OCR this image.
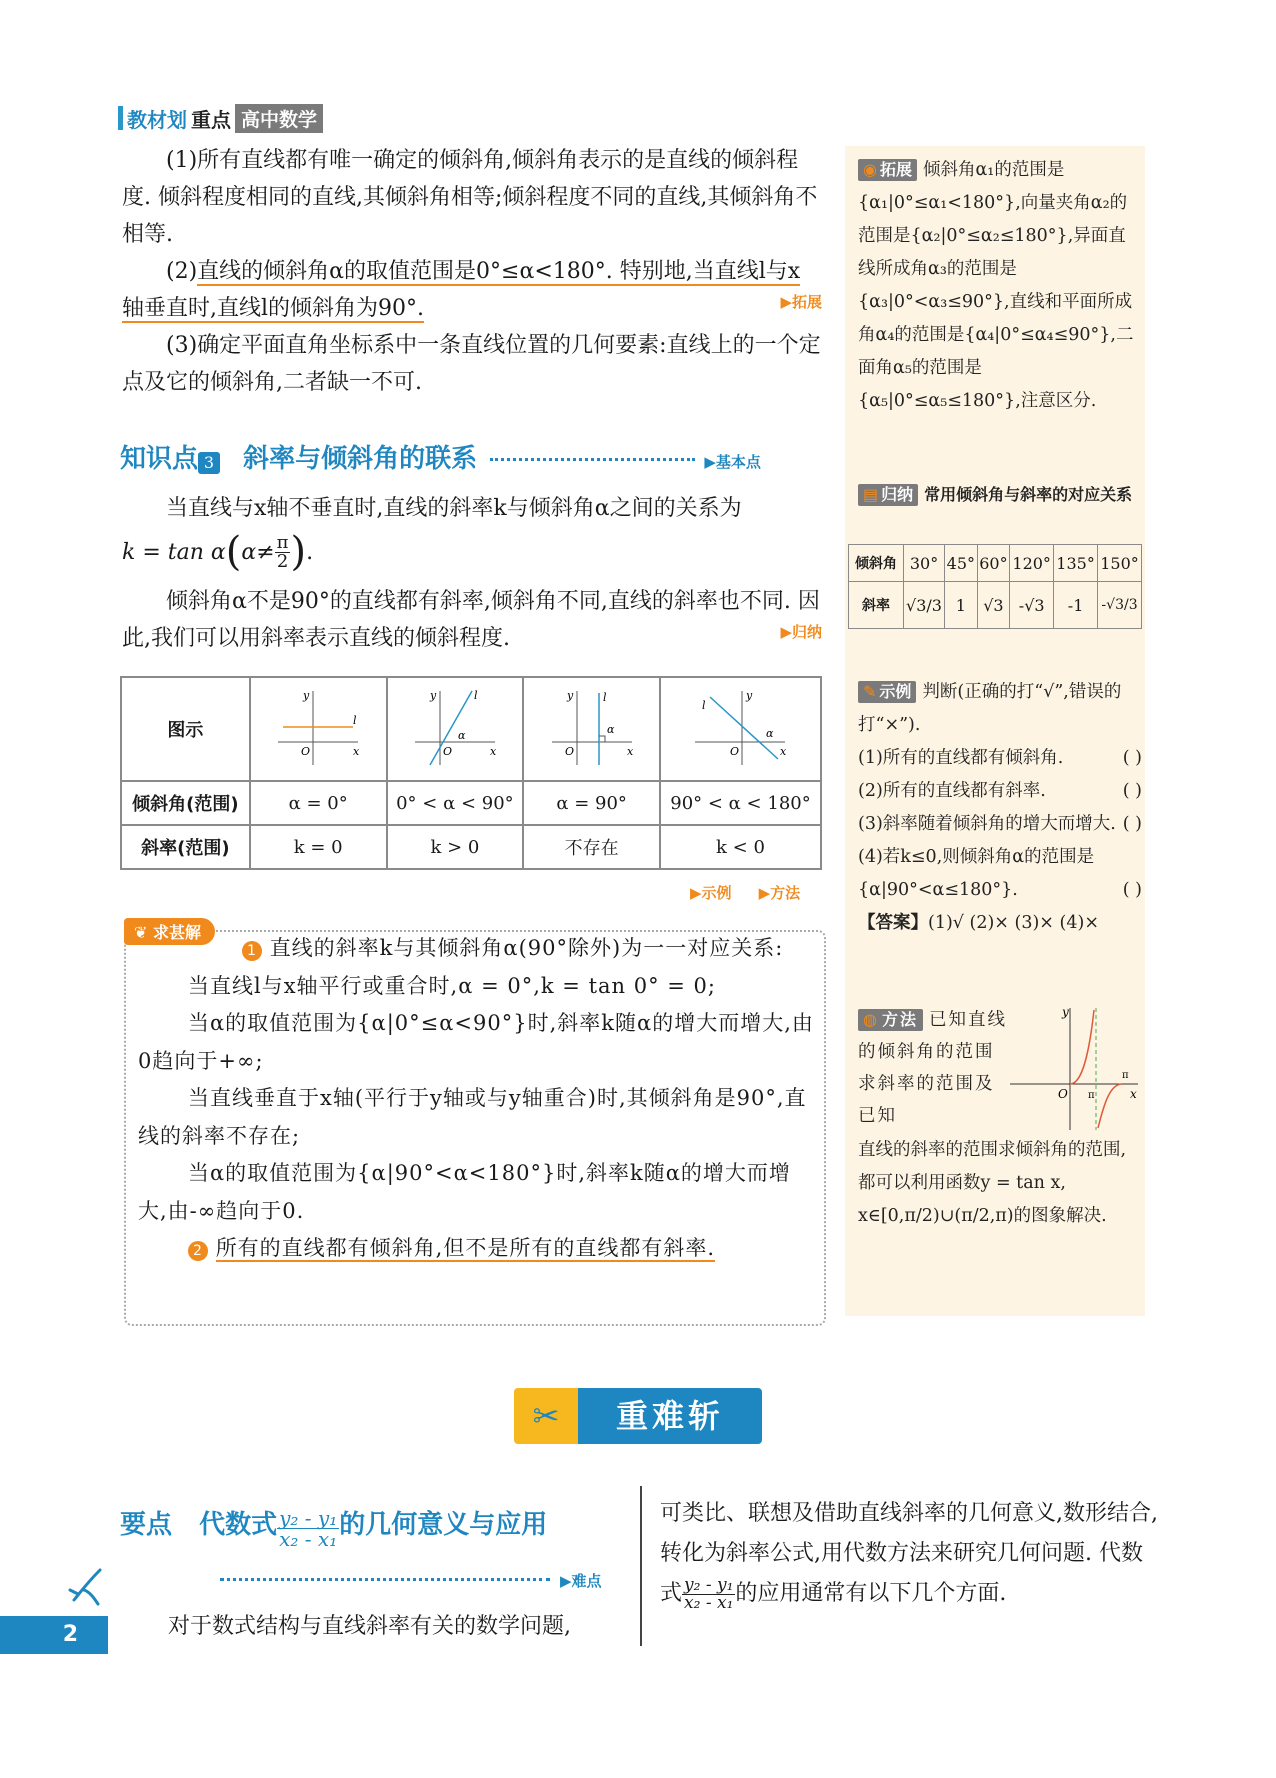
教材划 重点 高中数学
(1)所有直线都有唯一确定的倾斜角,倾斜角表示的是直线的倾斜程度. 倾斜程度相同的直线,其倾斜角相等;倾斜程度不同的直线,其倾斜角不相等.
(2)直线的倾斜角α的取值范围是0°≤α<180°. 特别地,当直线l与x轴垂直时,直线l的倾斜角为90°.	▶拓展
(3)确定平面直角坐标系中一条直线位置的几何要素:直线上的一个定点及它的倾斜角,二者缺一不可.
知识点 3 斜率与倾斜角的联系	▶基本点
当直线与x轴不垂直时,直线的斜率k与倾斜角α之间的关系为
k = tan α ( $\alpha\ne \frac{\pi}{2}$ ) .
倾斜角α不是90°的直线都有斜率,倾斜角不同,直线的斜率也不同. 因此,我们可以用斜率表示直线的倾斜程度.	▶归纳
图示	y
x
O
l	y
x
O
l
α	y
x
O
l
α	y
x
O
l
α

倾斜角(范围)	α = 0°	0° < α < 90°	α = 90°	90° < α < 180°
斜率(范围)	k = 0	k > 0	不存在	k < 0
▶示例 ▶方法
❦ 求甚解
1 直线的斜率k与其倾斜角α(90°除外)为一一对应关系:
当直线l与x轴平行或重合时,α = 0°,k = tan 0° = 0;
当α的取值范围为{α|0°≤α<90°}时,斜率k随α的增大而增大,由0趋向于+∞;
当直线垂直于x轴(平行于y轴或与y轴重合)时,其倾斜角是90°,直线的斜率不存在;
当α的取值范围为{α|90°<α<180°}时,斜率k随α的增大而增大,由-∞趋向于0.
2 所有的直线都有倾斜角,但不是所有的直线都有斜率.
◉ 拓展 倾斜角α₁的范围是{α₁|0°≤α₁<180°},向量夹角α₂的范围是{α₂|0°≤α₂≤180°},异面直线所成角α₃的范围是{α₃|0°<α₃≤90°},直线和平面所成角α₄的范围是{α₄|0°≤α₄≤90°},二面角α₅的范围是{α₅|0°≤α₅≤180°},注意区分.
▤ 归纳 常用倾斜角与斜率的对应关系
倾斜角	30°	45°	60°	120°	135°	150°
斜率	√3/3	1	√3	-√3	-1	-√3/3
✎ 示例 判断(正确的打“√”,错误的打“×”).
(1)所有的直线都有倾斜角.	( )
(2)所有的直线都有斜率.	( )
(3)斜率随着倾斜角的增大而增大. ( )
(4)若k≤0,则倾斜角α的范围是{α|90°<α≤180°}.	( )
【答案】(1)√ (2)× (3)× (4)×
◍ 方法 已知直线的倾斜角的范围求斜率的范围及已知
O
y
x
π
π
直线的斜率的范围求倾斜角的范围,都可以利用函数y = tan x,
x∈[0,π/2)∪(π/2,π)的图象解决.
✂	重难斩
要点 代数式 $\frac{\text{y₂ - y₁}}{\text{x₂ - x₁}}$ 的几何意义与应用
▶难点
对于数式结构与直线斜率有关的数学问题,
可类比、联想及借助直线斜率的几何意义,数形结合,转化为斜率公式,用代数方法来研究几何问题. 代数式 $\frac{\text{y₂ - y₁}}{\text{x₂ - x₁}}$ 的应用通常有以下几个方面.
2
